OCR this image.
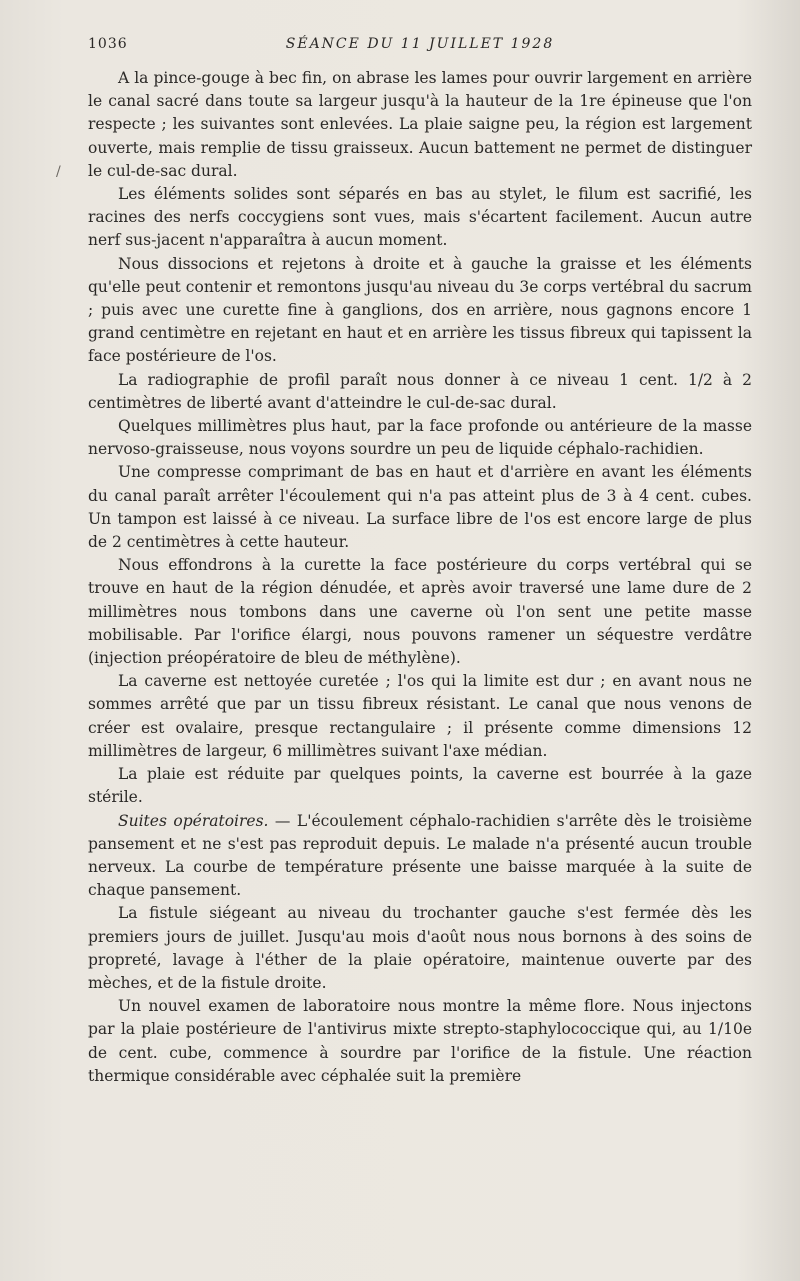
1036	SÉANCE DU 11 JUILLET 1928
/

A la pince-gouge à bec fin, on abrase les lames pour ouvrir largement en arrière le canal sacré dans toute sa largeur jusqu'à la hauteur de la 1re épineuse que l'on respecte ; les suivantes sont enlevées. La plaie saigne peu, la région est largement ouverte, mais remplie de tissu graisseux. Aucun battement ne permet de distinguer le cul-de-sac dural.

Les éléments solides sont séparés en bas au stylet, le filum est sacrifié, les racines des nerfs coccygiens sont vues, mais s'écartent facilement. Aucun autre nerf sus-jacent n'apparaîtra à aucun moment.

Nous dissocions et rejetons à droite et à gauche la graisse et les éléments qu'elle peut contenir et remontons jusqu'au niveau du 3e corps vertébral du sacrum ; puis avec une curette fine à ganglions, dos en arrière, nous gagnons encore 1 grand centimètre en rejetant en haut et en arrière les tissus fibreux qui tapissent la face postérieure de l'os.

La radiographie de profil paraît nous donner à ce niveau 1 cent. 1/2 à 2 centimètres de liberté avant d'atteindre le cul-de-sac dural.

Quelques millimètres plus haut, par la face profonde ou antérieure de la masse nervoso-graisseuse, nous voyons sourdre un peu de liquide céphalo-rachidien.

Une compresse comprimant de bas en haut et d'arrière en avant les éléments du canal paraît arrêter l'écoulement qui n'a pas atteint plus de 3 à 4 cent. cubes. Un tampon est laissé à ce niveau. La surface libre de l'os est encore large de plus de 2 centimètres à cette hauteur.

Nous effondrons à la curette la face postérieure du corps vertébral qui se trouve en haut de la région dénudée, et après avoir traversé une lame dure de 2 millimètres nous tombons dans une caverne où l'on sent une petite masse mobilisable. Par l'orifice élargi, nous pouvons ramener un séquestre verdâtre (injection préopératoire de bleu de méthylène).

La caverne est nettoyée curetée ; l'os qui la limite est dur ; en avant nous ne sommes arrêté que par un tissu fibreux résistant. Le canal que nous venons de créer est ovalaire, presque rectangulaire ; il présente comme dimensions 12 millimètres de largeur, 6 millimètres suivant l'axe médian.

La plaie est réduite par quelques points, la caverne est bourrée à la gaze stérile.

Suites opératoires. — L'écoulement céphalo-rachidien s'arrête dès le troisième pansement et ne s'est pas reproduit depuis. Le malade n'a présenté aucun trouble nerveux. La courbe de température présente une baisse marquée à la suite de chaque pansement.

La fistule siégeant au niveau du trochanter gauche s'est fermée dès les premiers jours de juillet. Jusqu'au mois d'août nous nous bornons à des soins de propreté, lavage à l'éther de la plaie opératoire, maintenue ouverte par des mèches, et de la fistule droite.

Un nouvel examen de laboratoire nous montre la même flore. Nous injectons par la plaie postérieure de l'antivirus mixte strepto-staphylococcique qui, au 1/10e de cent. cube, commence à sourdre par l'orifice de la fistule. Une réaction thermique considérable avec céphalée suit la première
